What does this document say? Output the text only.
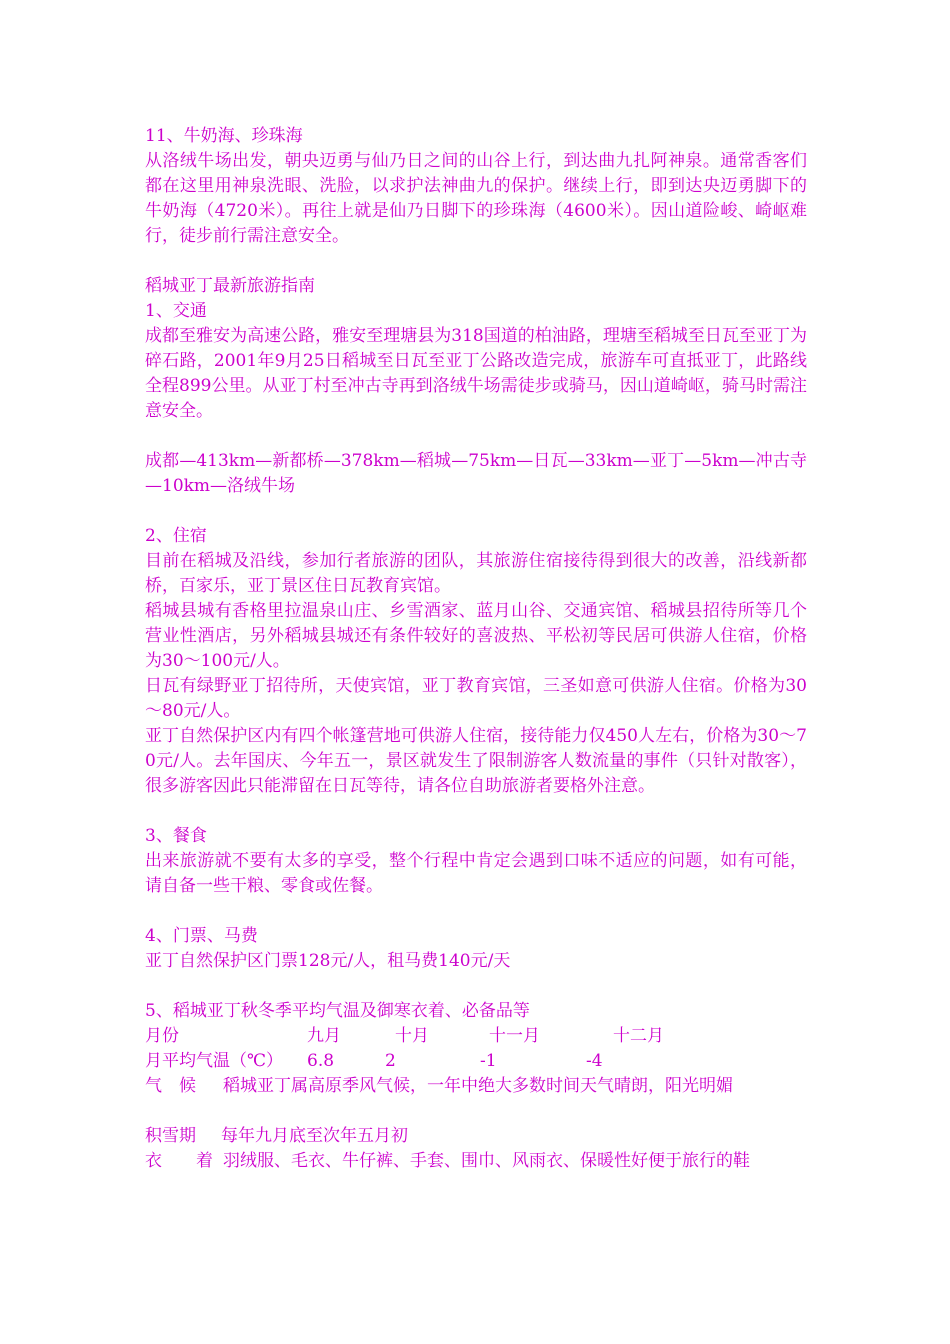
11、牛奶海、珍珠海

从洛绒牛场出发，朝央迈勇与仙乃日之间的山谷上行，到达曲九扎阿神泉。通常香客们都在这里用神泉洗眼、洗脸，以求护法神曲九的保护。继续上行，即到达央迈勇脚下的牛奶海（4720米）。再往上就是仙乃日脚下的珍珠海（4600米）。因山道险峻、崎岖难行，徒步前行需注意安全。

稻城亚丁最新旅游指南

1、交通

成都至雅安为高速公路，雅安至理塘县为318国道的柏油路，理塘至稻城至日瓦至亚丁为碎石路，2001年9月25日稻城至日瓦至亚丁公路改造完成，旅游车可直抵亚丁，此路线全程899公里。从亚丁村至冲古寺再到洛绒牛场需徒步或骑马，因山道崎岖，骑马时需注意安全。

成都—413km—新都桥—378km—稻城—75km—日瓦—33km—亚丁—5km—冲古寺—10km—洛绒牛场

2、住宿

目前在稻城及沿线，参加行者旅游的团队，其旅游住宿接待得到很大的改善，沿线新都桥，百家乐，亚丁景区住日瓦教育宾馆。

稻城县城有香格里拉温泉山庄、乡雪酒家、蓝月山谷、交通宾馆、稻城县招待所等几个营业性酒店，另外稻城县城还有条件较好的喜波热、平松初等民居可供游人住宿，价格为30～100元/人。

日瓦有绿野亚丁招待所，天使宾馆，亚丁教育宾馆，三圣如意可供游人住宿。价格为30～80元/人。

亚丁自然保护区内有四个帐篷营地可供游人住宿，接待能力仅450人左右，价格为30～70元/人。去年国庆、今年五一，景区就发生了限制游客人数流量的事件（只针对散客），很多游客因此只能滞留在日瓦等待，请各位自助旅游者要格外注意。

3、餐食

出来旅游就不要有太多的享受，整个行程中肯定会遇到口味不适应的问题，如有可能，请自备一些干粮、零食或佐餐。

4、门票、马费

亚丁自然保护区门票128元/人，租马费140元/天

5、稻城亚丁秋冬季平均气温及御寒衣着、必备品等

月份	九月	十月	十一月	十二月
月平均气温（℃） 6.8	2	-1	-4
气　候 稻城亚丁属高原季风气候，一年中绝大多数时间天气晴朗，阳光明媚
积雪期 每年九月底至次年五月初
衣　　着 羽绒服、毛衣、牛仔裤、手套、围巾、风雨衣、保暖性好便于旅行的鞋
